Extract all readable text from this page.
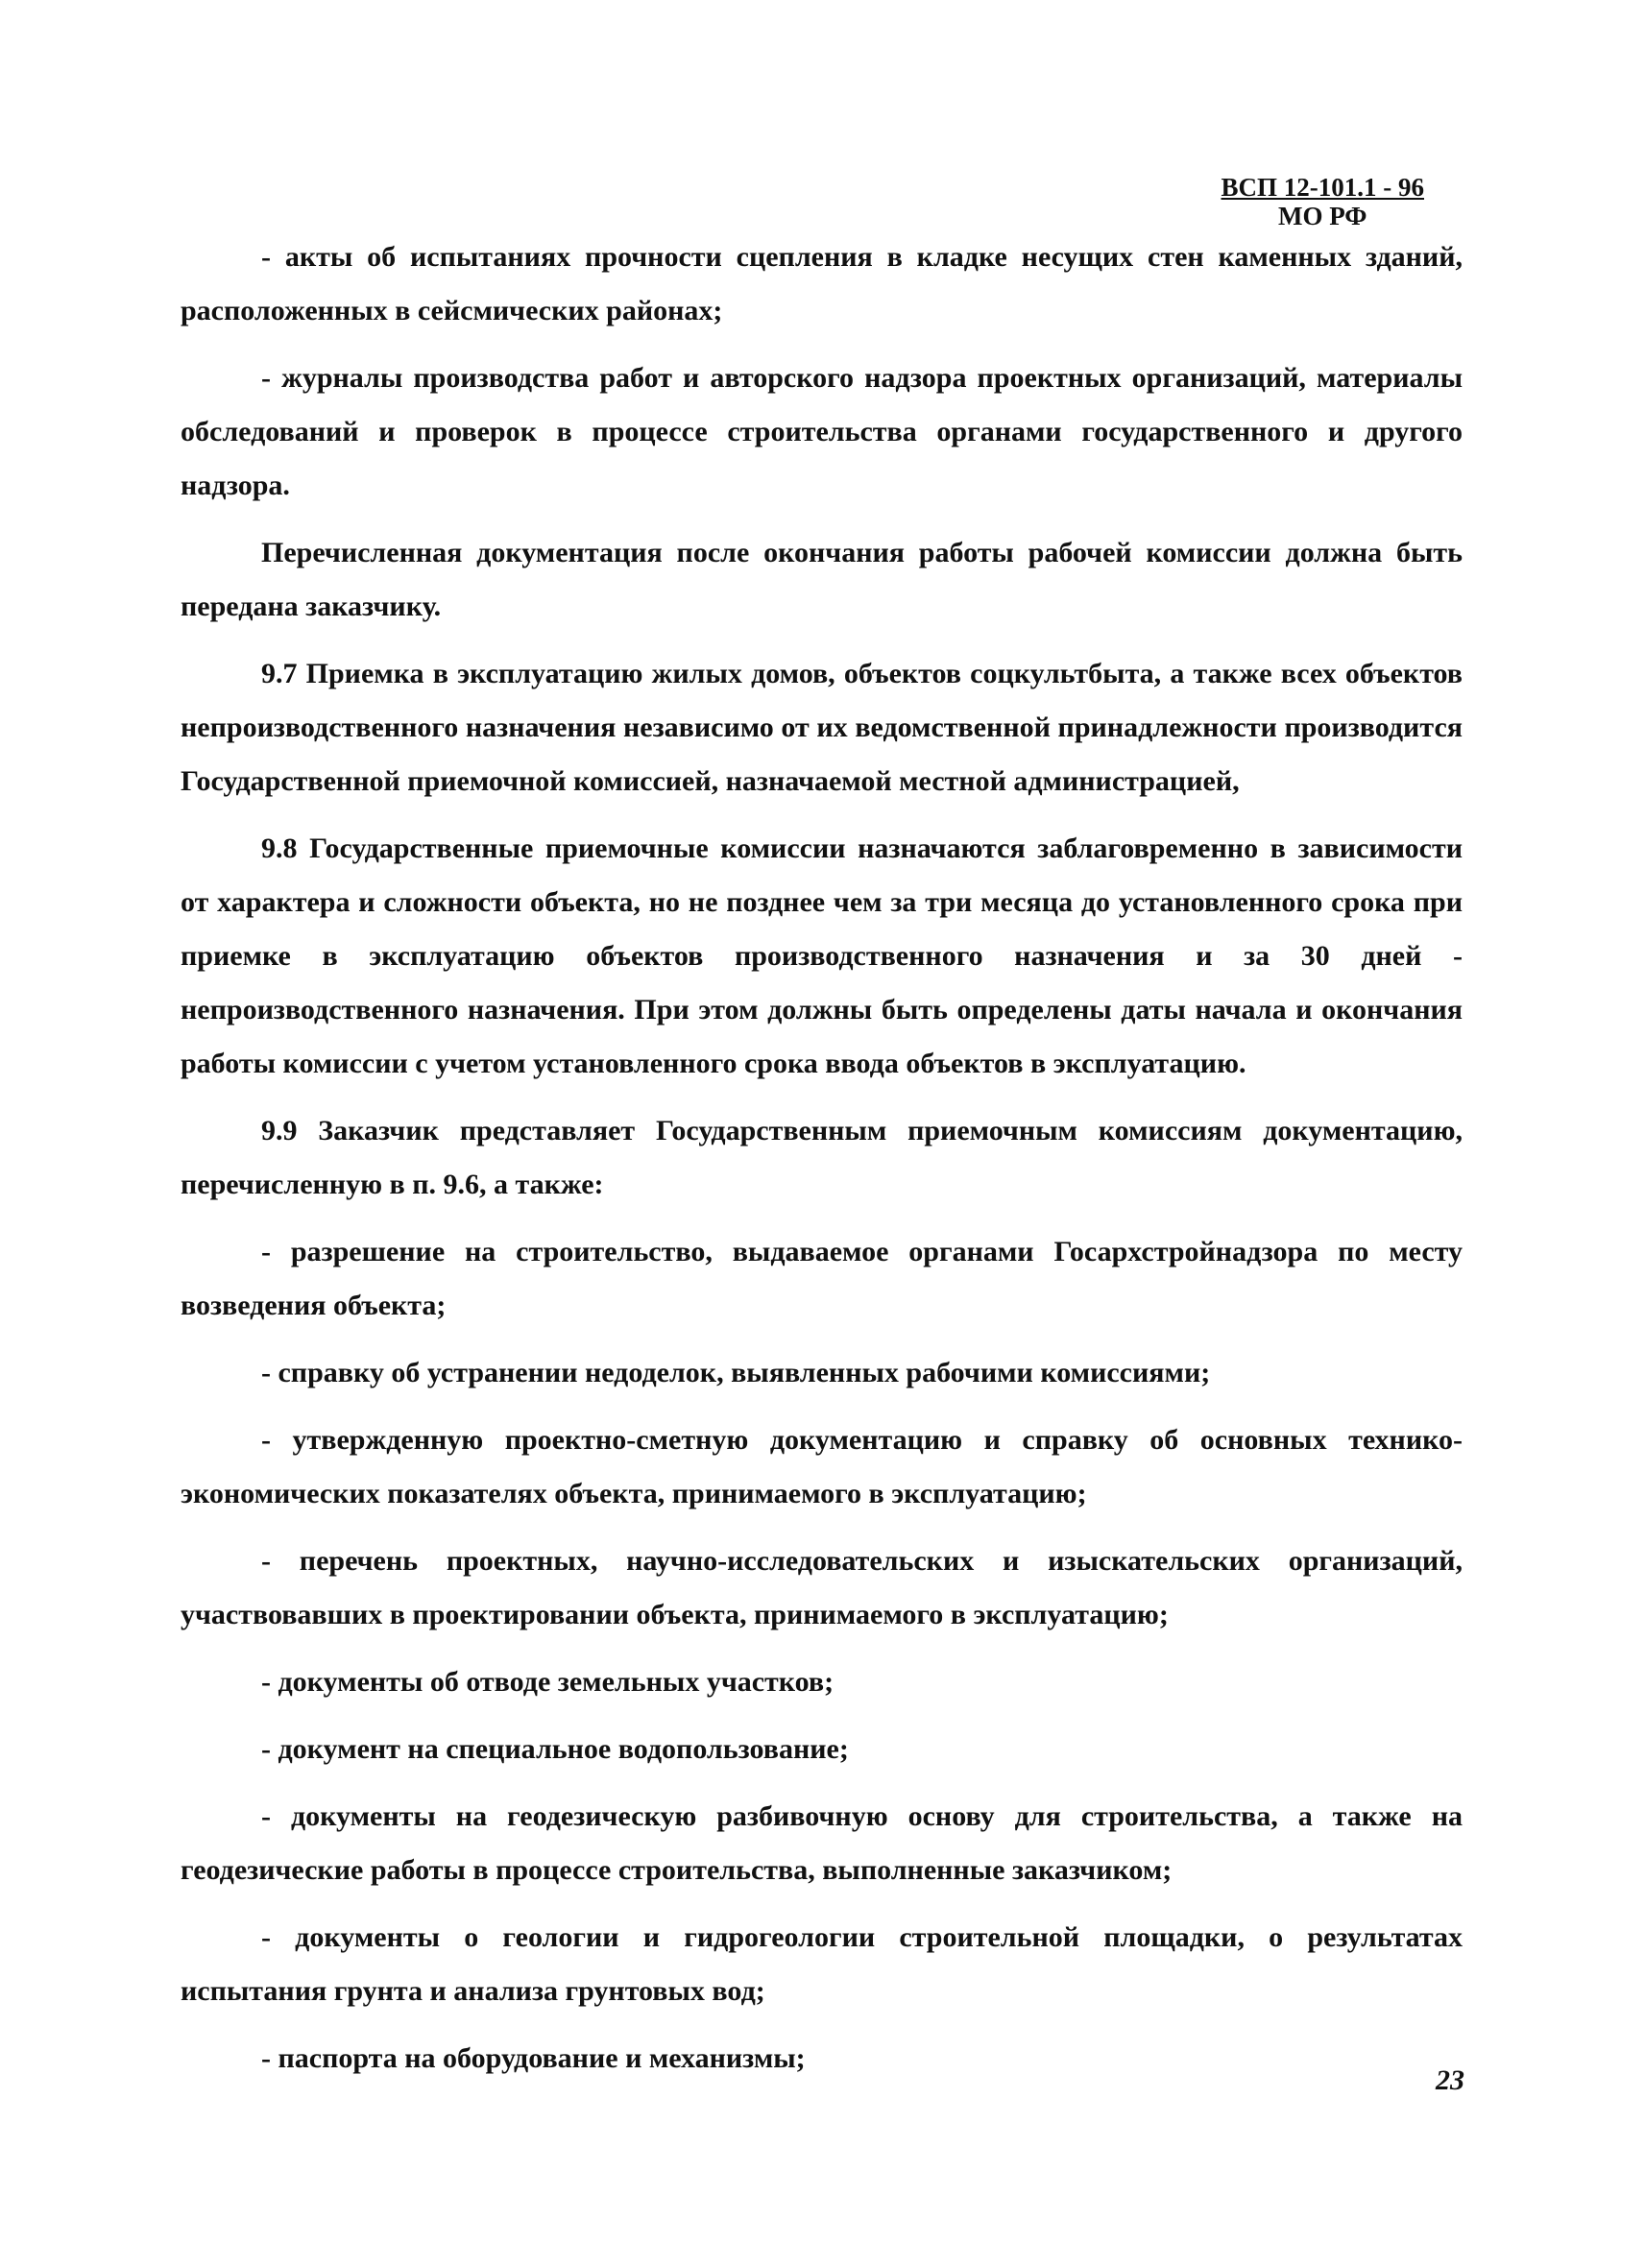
ВСП 12-101.1 - 96
МО РФ

- акты об испытаниях прочности сцепления в кладке несущих стен каменных зданий, расположенных в сейсмических районах;

- журналы производства работ и авторского надзора проектных организаций, материалы обследований и проверок в процессе строительства органами государственного и другого надзора.

Перечисленная документация после окончания работы рабочей комиссии должна быть передана заказчику.

9.7 Приемка в эксплуатацию жилых домов, объектов соцкультбыта, а также всех объектов непроизводственного назначения независимо от их ведомственной принадлежности производится Государственной приемочной комиссией, назначаемой местной администрацией,

9.8 Государственные приемочные комиссии назначаются заблаговременно в зависимости от характера и сложности объекта, но не позднее чем за три месяца до установленного срока при приемке в эксплуатацию объектов производственного назначения и за 30 дней - непроизводственного назначения. При этом должны быть определены даты начала и окончания работы комиссии с учетом установленного срока ввода объектов в эксплуатацию.

9.9 Заказчик представляет Государственным приемочным комиссиям документацию, перечисленную в п. 9.6, а также:

- разрешение на строительство, выдаваемое органами Госархстройнадзора по месту возведения объекта;

- справку об устранении недоделок, выявленных рабочими комиссиями;

- утвержденную проектно-сметную документацию и справку об основных технико-экономических показателях объекта, принимаемого в эксплуатацию;

- перечень проектных, научно-исследовательских и изыскательских организаций, участвовавших в проектировании объекта, принимаемого в эксплуатацию;

- документы об отводе земельных участков;

- документ на специальное водопользование;

- документы на геодезическую разбивочную основу для строительства, а также на геодезические работы в процессе строительства, выполненные заказчиком;

- документы о геологии и гидрогеологии строительной площадки, о результатах испытания грунта и анализа грунтовых вод;

- паспорта на оборудование и механизмы;

23
